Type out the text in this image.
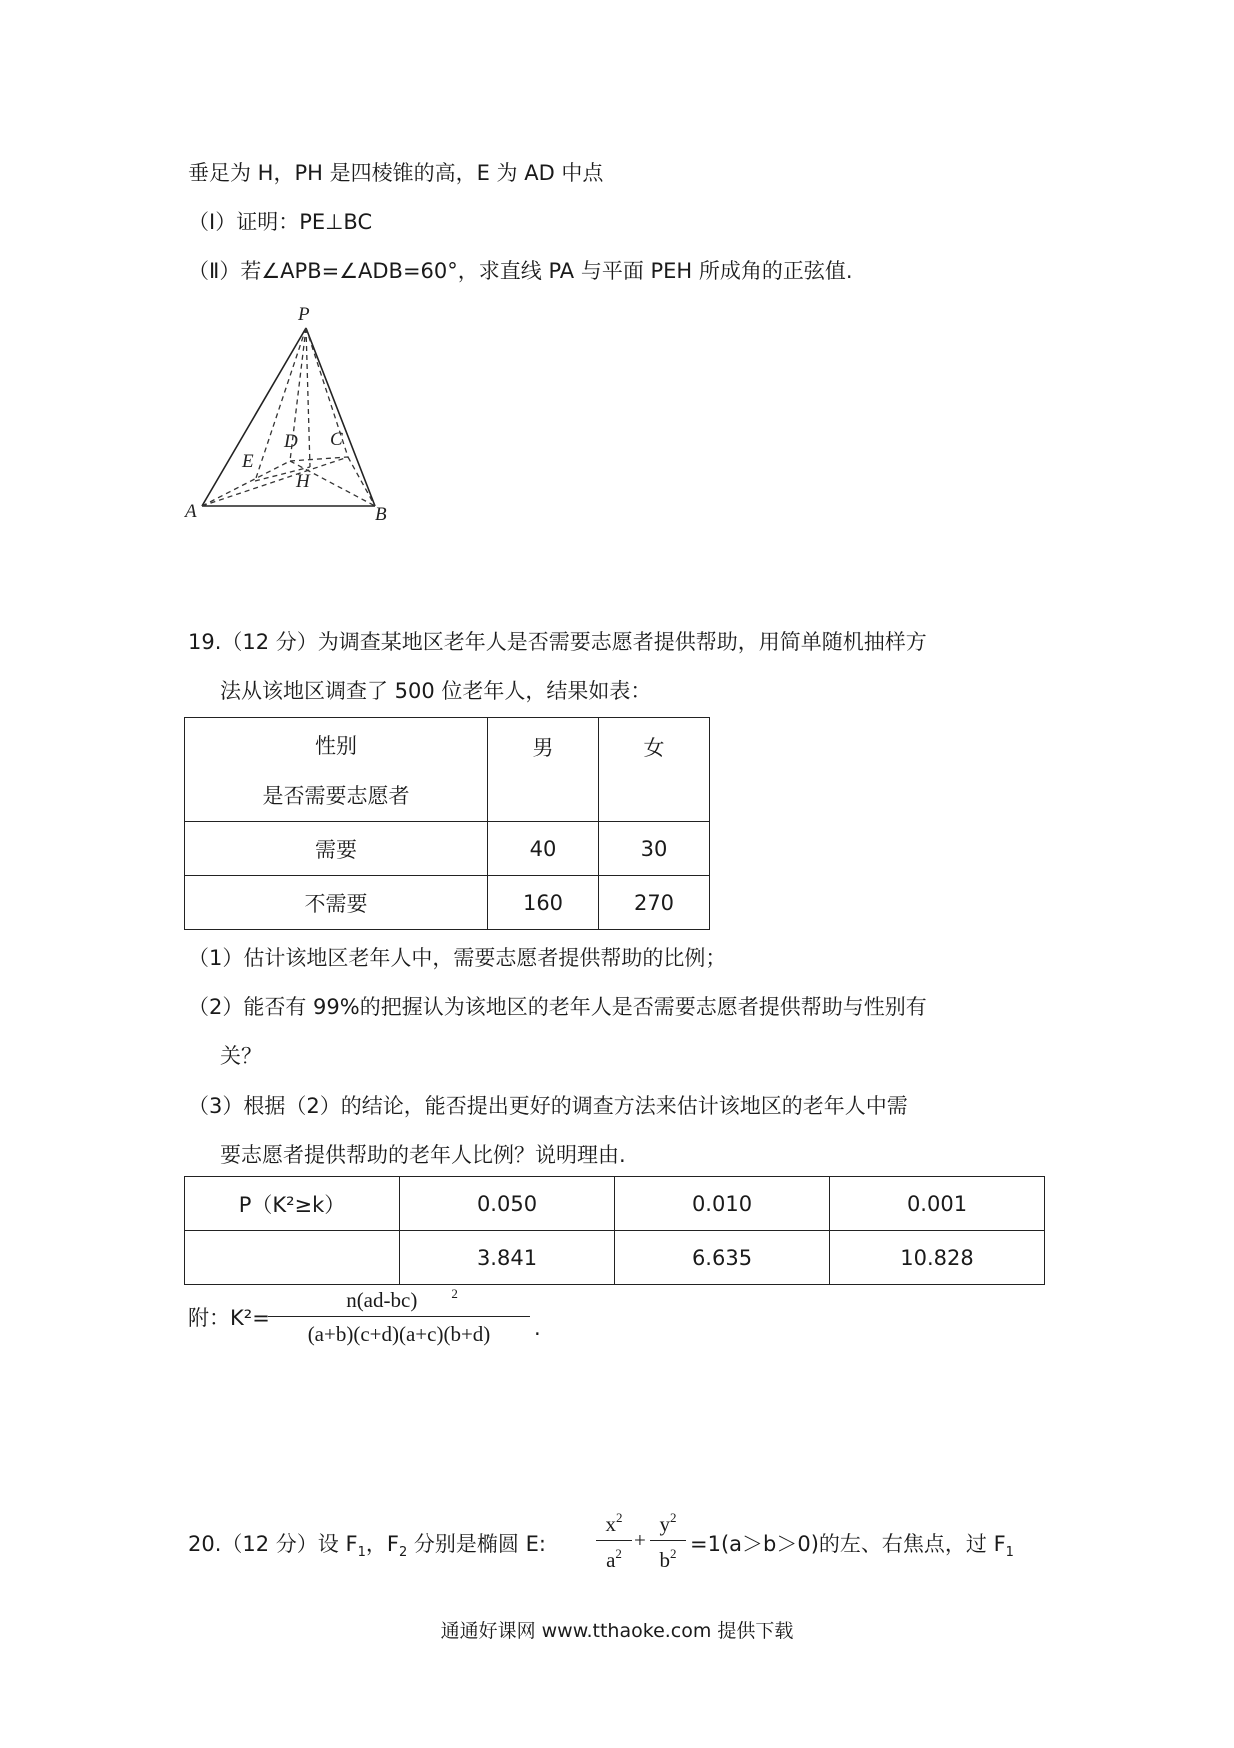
垂足为 H，PH 是四棱锥的高，E 为 AD 中点
（Ⅰ）证明：PE⊥BC
（Ⅱ）若∠APB=∠ADB=60°，求直线 PA 与平面 PEH 所成角的正弦值.
P
A	B
C
D
E
H
19.（12 分）为调查某地区老年人是否需要志愿者提供帮助，用简单随机抽样方
法从该地区调查了 500 位老年人，结果如表：
性别
是否需要志愿者	男	女
需要	40	30
不需要	160	270
（1）估计该地区老年人中，需要志愿者提供帮助的比例；
（2）能否有 99%的把握认为该地区的老年人是否需要志愿者提供帮助与性别有
关？
（3）根据（2）的结论，能否提出更好的调查方法来估计该地区的老年人中需
要志愿者提供帮助的老年人比例？说明理由.
P（K²≥k）	0.050	0.010	0.001
	3.841	6.635	10.828
附：K²=
n(ad-bc)	$^2$
(a+b)(c+d)(a+c)(b+d)	.
20.（12 分）设 $F_1$，$F_2$ 分别是椭圆 E:
$x^2$
$a^2$
+
$y^2$
$b^2 =1(a>b>0)$的左、右焦点，过 $F_1$
通通好课网 www.tthaoke.com 提供下载
